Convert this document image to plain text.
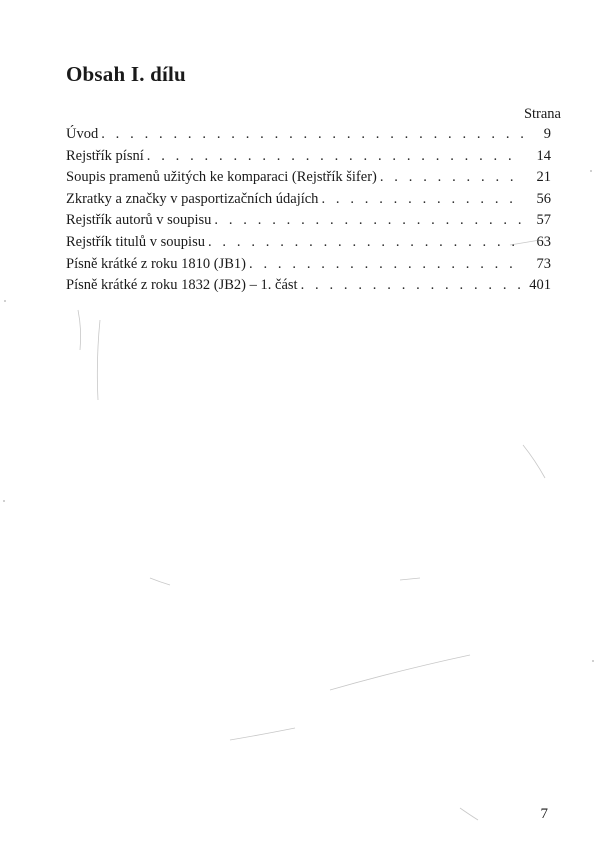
Obsah I. dílu
Strana
Úvod . . .	9
Rejstřík písní . . .	14
Soupis pramenů užitých ke komparaci (Rejstřík šifer) . . .	21
Zkratky a značky v pasportizačních údajích . . .	56
Rejstřík autorů v soupisu . . .	57
Rejstřík titulů v soupisu . . .	63
Písně krátké z roku 1810 (JB1) . . .	73
Písně krátké z roku 1832 (JB2) – 1. část . . .	401
7
